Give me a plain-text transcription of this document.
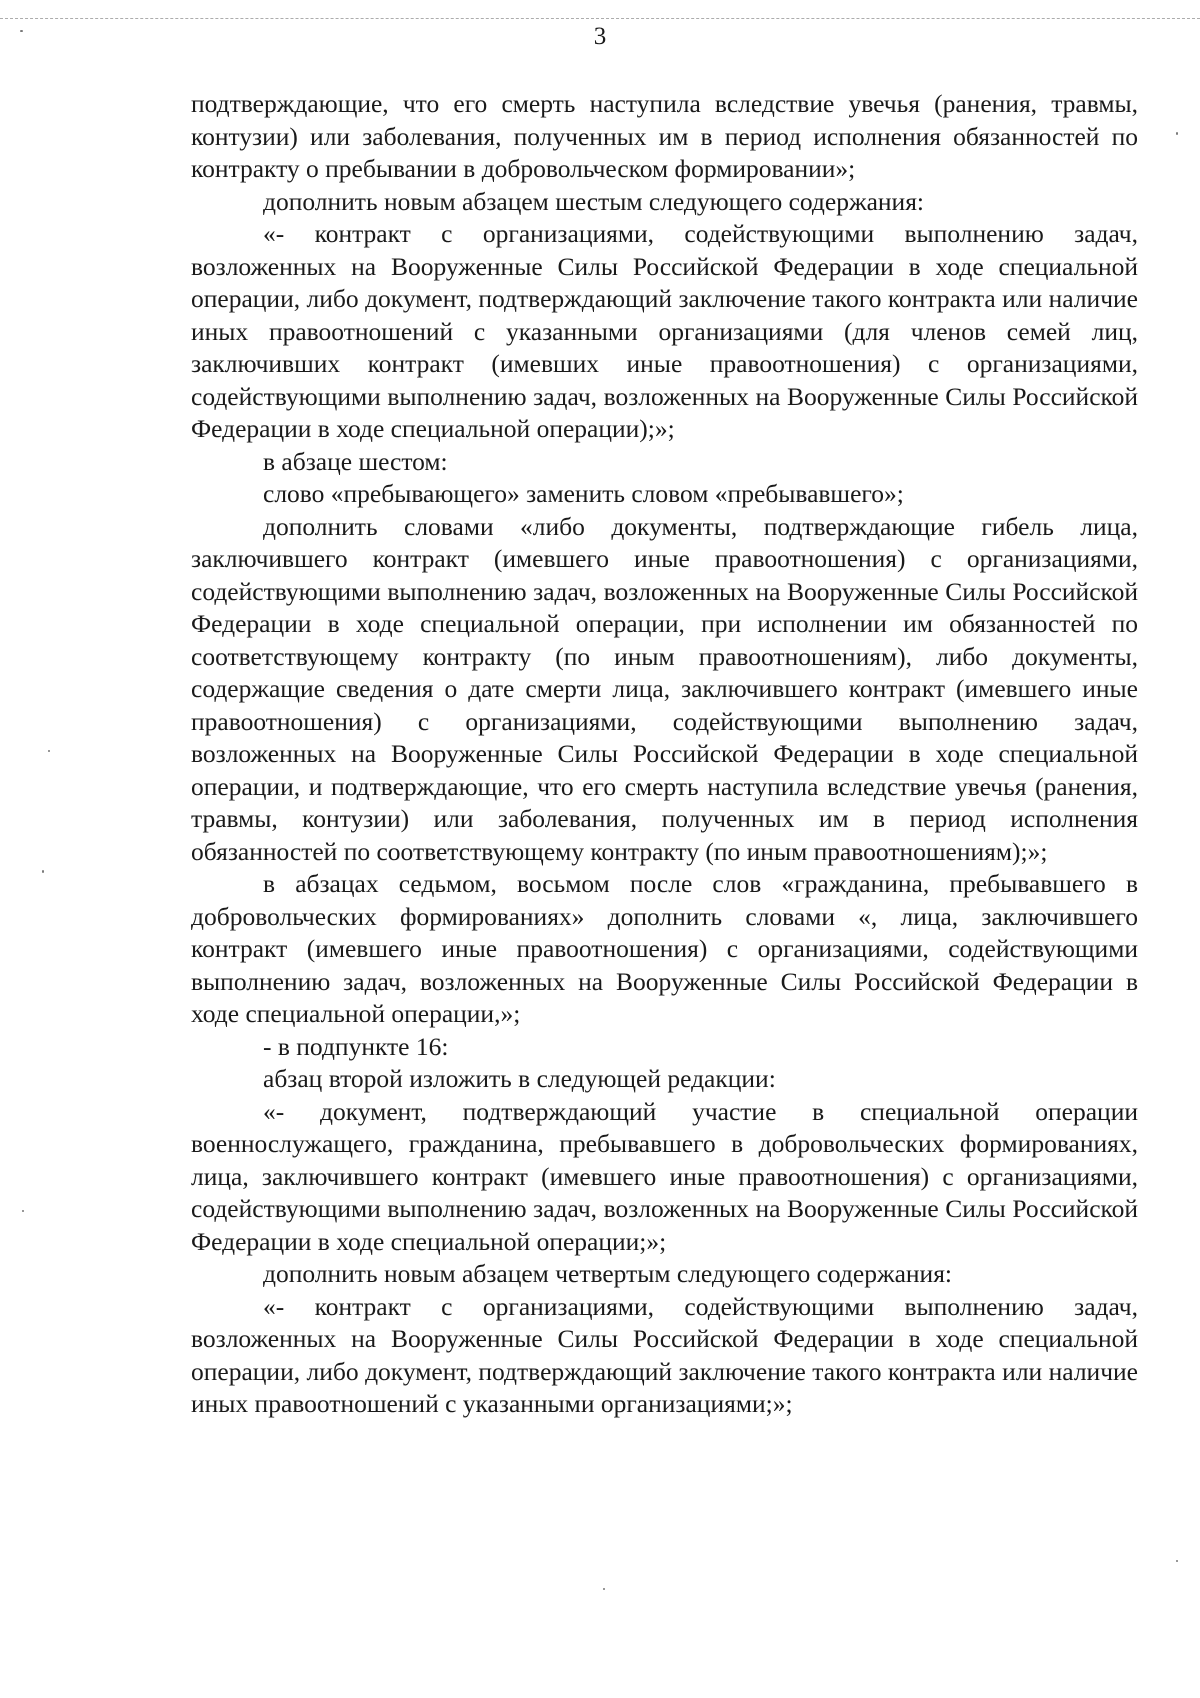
3

подтверждающие, что его смерть наступила вследствие увечья (ранения, травмы, контузии) или заболевания, полученных им в период исполнения обязанностей по контракту о пребывании в добровольческом формировании»;

дополнить новым абзацем шестым следующего содержания:

«- контракт с организациями, содействующими выполнению задач, возложенных на Вооруженные Силы Российской Федерации в ходе специальной операции, либо документ, подтверждающий заключение такого контракта или наличие иных правоотношений с указанными организациями (для членов семей лиц, заключивших контракт (имевших иные правоотношения) с организациями, содействующими выполнению задач, возложенных на Вооруженные Силы Российской Федерации в ходе специальной операции);»;

в абзаце шестом:

слово «пребывающего» заменить словом «пребывавшего»;

дополнить словами «либо документы, подтверждающие гибель лица, заключившего контракт (имевшего иные правоотношения) с организациями, содействующими выполнению задач, возложенных на Вооруженные Силы Российской Федерации в ходе специальной операции, при исполнении им обязанностей по соответствующему контракту (по иным правоотношениям), либо документы, содержащие сведения о дате смерти лица, заключившего контракт (имевшего иные правоотношения) с организациями, содействующими выполнению задач, возложенных на Вооруженные Силы Российской Федерации в ходе специальной операции, и подтверждающие, что его смерть наступила вследствие увечья (ранения, травмы, контузии) или заболевания, полученных им в период исполнения обязанностей по соответствующему контракту (по иным правоотношениям);»;

в абзацах седьмом, восьмом после слов «гражданина, пребывавшего в добровольческих формированиях» дополнить словами «, лица, заключившего контракт (имевшего иные правоотношения) с организациями, содействующими выполнению задач, возложенных на Вооруженные Силы Российской Федерации в ходе специальной операции,»;

- в подпункте 16:

абзац второй изложить в следующей редакции:

«- документ, подтверждающий участие в специальной операции военнослужащего, гражданина, пребывавшего в добровольческих формированиях, лица, заключившего контракт (имевшего иные правоотношения) с организациями, содействующими выполнению задач, возложенных на Вооруженные Силы Российской Федерации в ходе специальной операции;»;

дополнить новым абзацем четвертым следующего содержания:

«- контракт с организациями, содействующими выполнению задач, возложенных на Вооруженные Силы Российской Федерации в ходе специальной операции, либо документ, подтверждающий заключение такого контракта или наличие иных правоотношений с указанными организациями;»;
